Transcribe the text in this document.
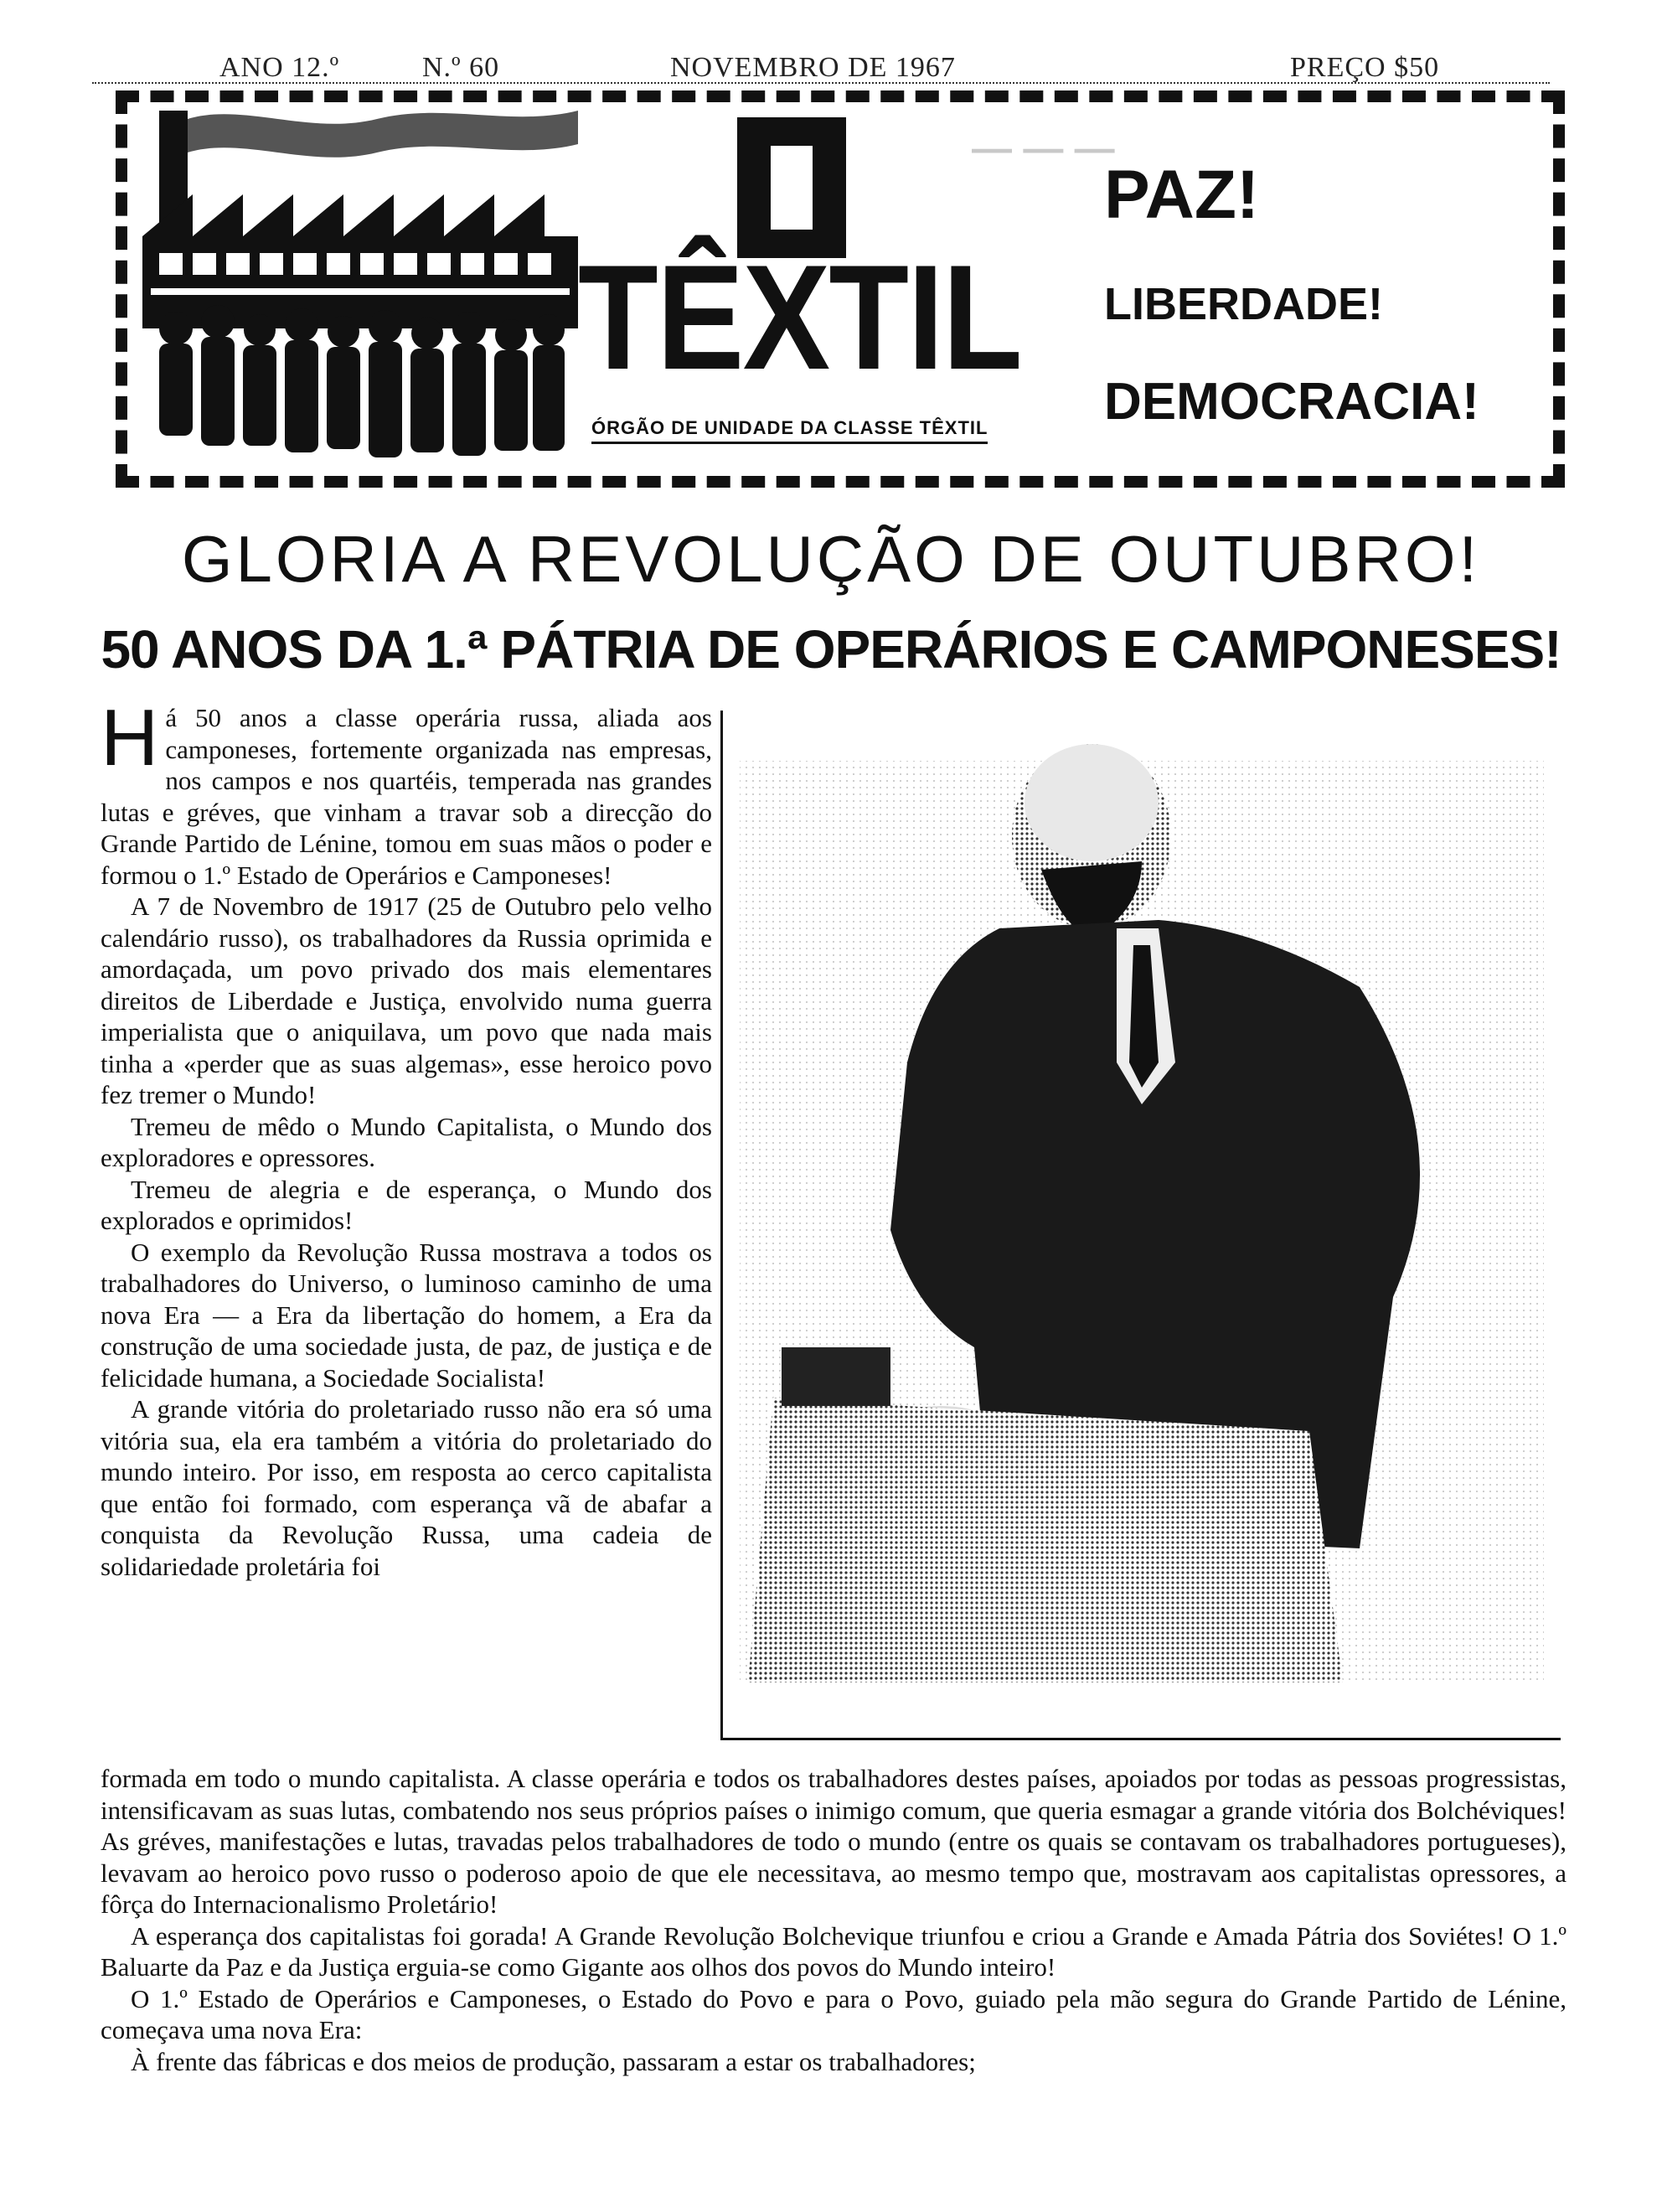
ANO 12.º	N.º 60	NOVEMBRO DE 1967	PREÇO $50
— — —
TÊXTIL
ÓRGÃO DE UNIDADE DA CLASSE TÊXTIL
PAZ!
LIBERDADE!
DEMOCRACIA!
GLORIA A REVOLUÇÃO DE OUTUBRO!
50 ANOS DA 1.ª PÁTRIA DE OPERÁRIOS E CAMPONESES!

Há 50 anos a classe operária russa, aliada aos camponeses, fortemente organizada nas empresas, nos campos e nos quartéis, temperada nas grandes lutas e gréves, que vinham a travar sob a direcção do Grande Partido de Lénine, tomou em suas mãos o poder e formou o 1.º Estado de Operários e Camponeses!

A 7 de Novembro de 1917 (25 de Outubro pelo velho calendário russo), os trabalhadores da Russia oprimida e amordaçada, um povo privado dos mais elementares direitos de Liberdade e Justiça, envolvido numa guerra imperialista que o aniquilava, um povo que nada mais tinha a «perder que as suas algemas», esse heroico povo fez tremer o Mundo!

Tremeu de mêdo o Mundo Capitalista, o Mundo dos exploradores e opressores.

Tremeu de alegria e de esperança, o Mundo dos explorados e oprimidos!

O exemplo da Revolução Russa mostrava a todos os trabalhadores do Universo, o luminoso caminho de uma nova Era — a Era da libertação do homem, a Era da construção de uma sociedade justa, de paz, de justiça e de felicidade humana, a Sociedade Socialista!

A grande vitória do proletariado russo não era só uma vitória sua, ela era também a vitória do proletariado do mundo inteiro. Por isso, em resposta ao cerco capitalista que então foi formado, com esperança vã de abafar a conquista da Revolução Russa, uma cadeia de solidariedade proletária foi

formada em todo o mundo capitalista. A classe operária e todos os trabalhadores destes países, apoiados por todas as pessoas progressistas, intensificavam as suas lutas, combatendo nos seus próprios países o inimigo comum, que queria esmagar a grande vitória dos Bolchéviques! As gréves, manifestações e lutas, travadas pelos trabalhadores de todo o mundo (entre os quais se contavam os trabalhadores portugueses), levavam ao heroico povo russo o poderoso apoio de que ele necessitava, ao mesmo tempo que, mostravam aos capitalistas opressores, a fôrça do Internacionalismo Proletário!

A esperança dos capitalistas foi gorada! A Grande Revolução Bolchevique triunfou e criou a Grande e Amada Pátria dos Soviétes! O 1.º Baluarte da Paz e da Justiça erguia-se como Gigante aos olhos dos povos do Mundo inteiro!

O 1.º Estado de Operários e Camponeses, o Estado do Povo e para o Povo, guiado pela mão segura do Grande Partido de Lénine, começava uma nova Era:

À frente das fábricas e dos meios de produção, passaram a estar os trabalhadores;
